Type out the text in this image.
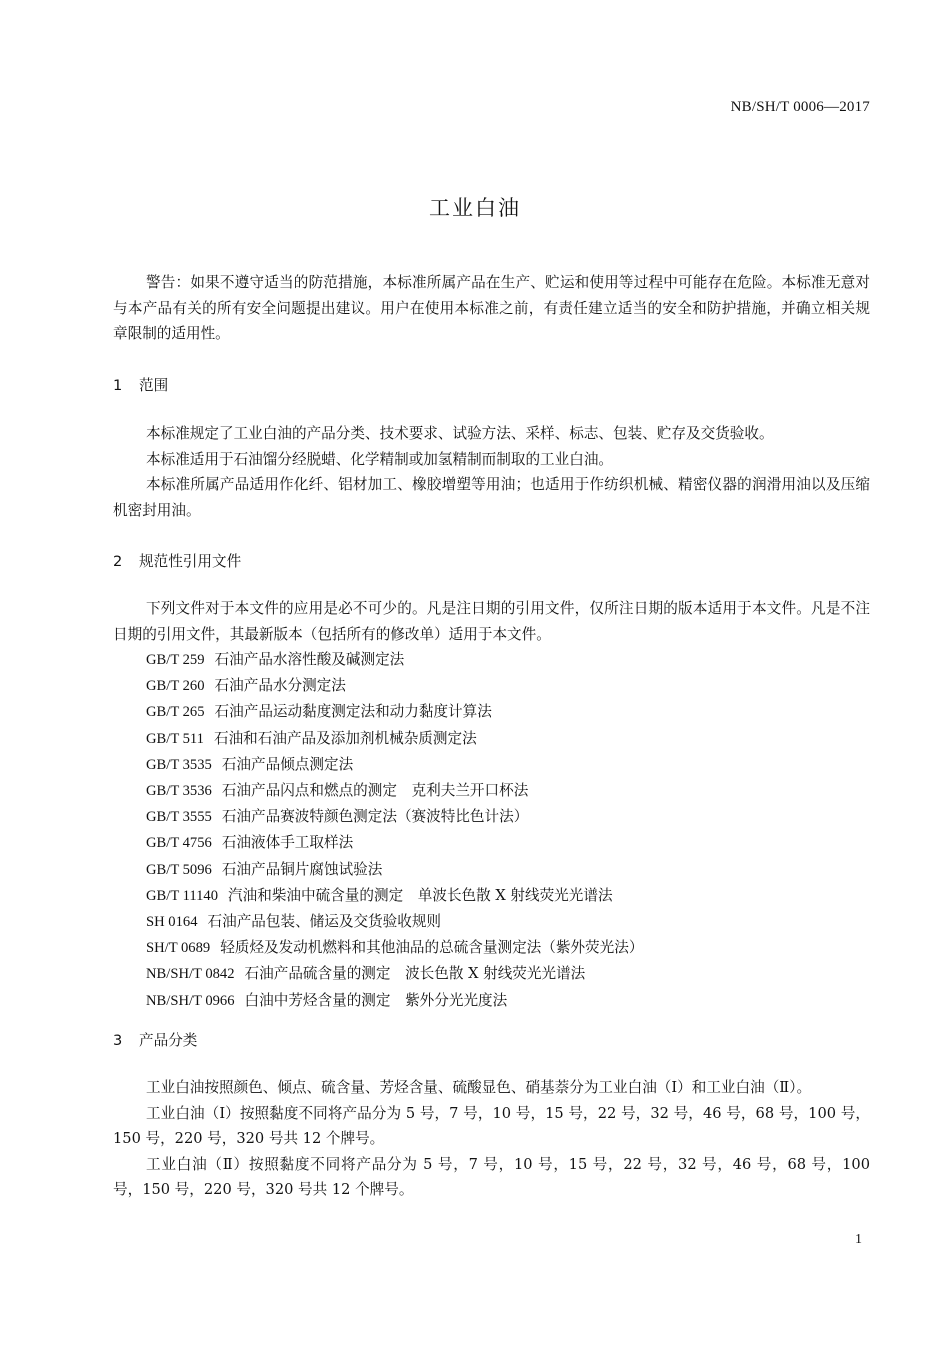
NB/SH/T 0006—2017
工业白油
警告：如果不遵守适当的防范措施，本标准所属产品在生产、贮运和使用等过程中可能存在危险。本标准无意对与本产品有关的所有安全问题提出建议。用户在使用本标准之前，有责任建立适当的安全和防护措施，并确立相关规章限制的适用性。
1 范围
本标准规定了工业白油的产品分类、技术要求、试验方法、采样、标志、包装、贮存及交货验收。
本标准适用于石油馏分经脱蜡、化学精制或加氢精制而制取的工业白油。
本标准所属产品适用作化纤、铝材加工、橡胶增塑等用油；也适用于作纺织机械、精密仪器的润滑用油以及压缩机密封用油。
2 规范性引用文件
下列文件对于本文件的应用是必不可少的。凡是注日期的引用文件，仅所注日期的版本适用于本文件。凡是不注日期的引用文件，其最新版本（包括所有的修改单）适用于本文件。
GB/T 259 石油产品水溶性酸及碱测定法
GB/T 260 石油产品水分测定法
GB/T 265 石油产品运动黏度测定法和动力黏度计算法
GB/T 511 石油和石油产品及添加剂机械杂质测定法
GB/T 3535 石油产品倾点测定法
GB/T 3536 石油产品闪点和燃点的测定　克利夫兰开口杯法
GB/T 3555 石油产品赛波特颜色测定法（赛波特比色计法）
GB/T 4756 石油液体手工取样法
GB/T 5096 石油产品铜片腐蚀试验法
GB/T 11140 汽油和柴油中硫含量的测定　单波长色散 X 射线荧光光谱法
SH 0164 石油产品包装、储运及交货验收规则
SH/T 0689 轻质烃及发动机燃料和其他油品的总硫含量测定法（紫外荧光法）
NB/SH/T 0842 石油产品硫含量的测定　波长色散 X 射线荧光光谱法
NB/SH/T 0966 白油中芳烃含量的测定　紫外分光光度法
3 产品分类
工业白油按照颜色、倾点、硫含量、芳烃含量、硫酸显色、硝基萘分为工业白油（Ⅰ）和工业白油（Ⅱ）。
工业白油（Ⅰ）按照黏度不同将产品分为 5 号，7 号，10 号，15 号，22 号，32 号，46 号，68 号，100 号，150 号，220 号，320 号共 12 个牌号。
工业白油（Ⅱ）按照黏度不同将产品分为 5 号，7 号，10 号，15 号，22 号，32 号，46 号，68 号，100 号，150 号，220 号，320 号共 12 个牌号。
1
